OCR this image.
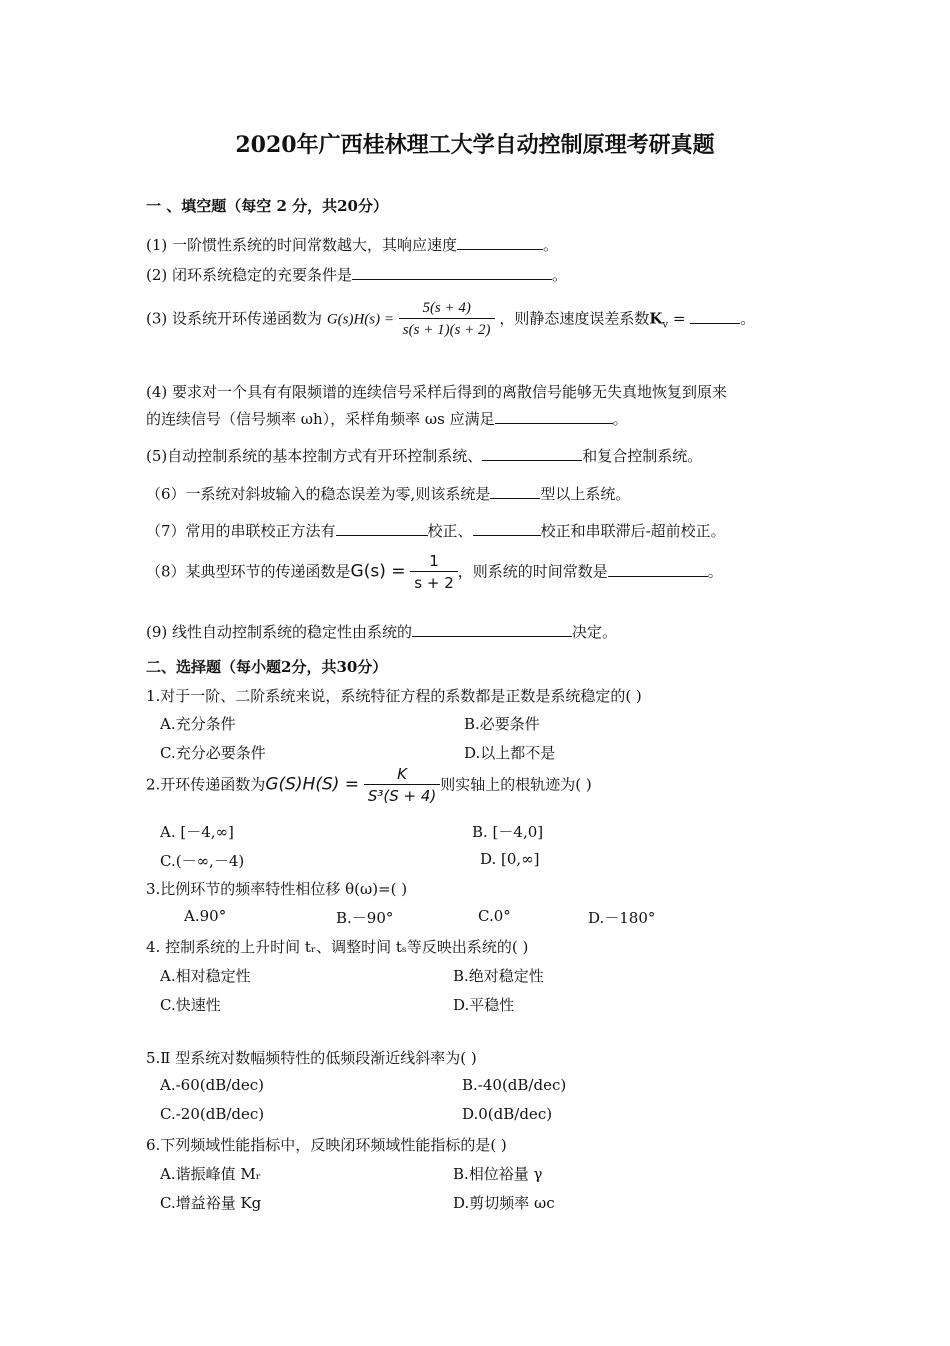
2020年广西桂林理工大学自动控制原理考研真题
一 、填空题（每空 2 分，共20分）
(1) 一阶惯性系统的时间常数越大，其响应速度	。
(2) 闭环系统稳定的充要条件是	。
(3) 设系统开环传递函数为 $G(s)H(s) = \frac{5(s + 4)}{s(s + 1)(s + 2)}$ ，则静态速度误差系数$K_v$ =	。
(4) 要求对一个具有有限频谱的连续信号采样后得到的离散信号能够无失真地恢复到原来
的连续信号（信号频率 ωh），采样角频率 ωs 应满足	。
(5)自动控制系统的基本控制方式有开环控制系统、	和复合控制系统。
（6）一系统对斜坡输入的稳态误差为零,则该系统是	型以上系统。
（7）常用的串联校正方法有	校正、	校正和串联滞后-超前校正。
（8）某典型环节的传递函数是$G(s) = \frac{1}{s + 2}$ ，则系统的时间常数是	。
(9) 线性自动控制系统的稳定性由系统的	决定。
二、选择题（每小题2分，共30分）
1.对于一阶、二阶系统来说，系统特征方程的系数都是正数是系统稳定的( )
A.充分条件	B.必要条件
C.充分必要条件	D.以上都不是
2.开环传递函数为$G(S)H(S) = \frac{K}{\text{S³(S + 4)}}$ 则实轴上的根轨迹为( )
A. [－4,∞]	B. [－4,0]
C.(－∞,－4)	D. [0,∞]
3.比例环节的频率特性相位移 θ(ω)=( )
A.90°	B.－90°	C.0°	D.－180°
4. 控制系统的上升时间 tᵣ、调整时间 tₛ等反映出系统的( )
A.相对稳定性	B.绝对稳定性
C.快速性	D.平稳性
5.Ⅱ 型系统对数幅频特性的低频段渐近线斜率为( )
A.-60(dB/dec)	B.-40(dB/dec)
C.-20(dB/dec)	D.0(dB/dec)
6.下列频域性能指标中，反映闭环频域性能指标的是( )
A.谐振峰值 Mᵣ	B.相位裕量 γ
C.增益裕量 Kg	D.剪切频率 ωc
